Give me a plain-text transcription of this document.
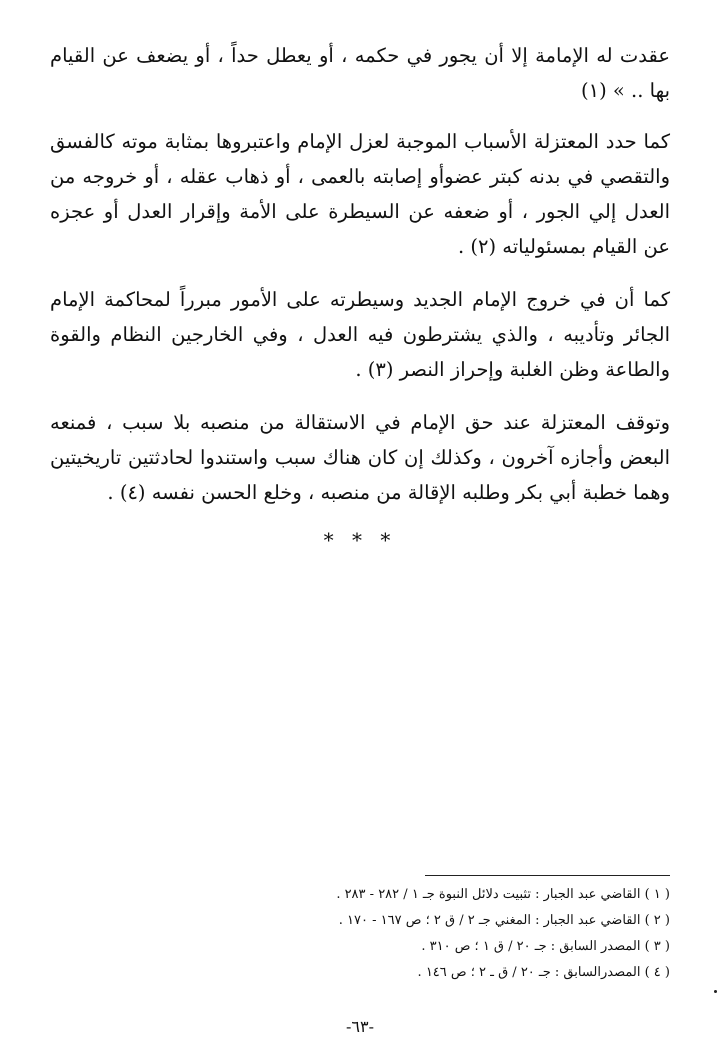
عقدت له الإمامة إلا أن يجور في حكمه ، أو يعطل حداً ، أو يضعف عن القيام بها .. » (١)

كما حدد المعتزلة الأسباب الموجبة لعزل الإمام واعتبروها بمثابة موته كالفسق والتقصي في بدنه كبتر عضوأو إصابته بالعمى ، أو ذهاب عقله ، أو خروجه من العدل إلي الجور ، أو ضعفه عن السيطرة على الأمة وإقرار العدل أو عجزه عن القيام بمسئولياته (٢) .

كما أن في خروج الإمام الجديد وسيطرته على الأمور مبرراً لمحاكمة الإمام الجائر وتأديبه ، والذي يشترطون فيه العدل ، وفي الخارجين النظام والقوة والطاعة وظن الغلبة وإحراز النصر (٣) .

وتوقف المعتزلة عند حق الإمام في الاستقالة من منصبه بلا سبب ، فمنعه البعض وأجازه آخرون ، وكذلك إن كان هناك سبب واستندوا لحادثتين تاريخيتين وهما خطبة أبي بكر وطلبه الإقالة من منصبه ، وخلع الحسن نفسه (٤) .

* * *

( ١ ) القاضي عبد الجبار : تثبيت دلائل النبوة جـ ١ / ٢٨٢ - ٢٨٣ .

( ٢ ) القاضي عبد الجبار : المغني جـ ٢ / ق ٢ ؛ ص ١٦٧ - ١٧٠ .

( ٣ ) المصدر السابق : جـ ٢٠ / ق ١ ؛ ص ٣١٠ .

( ٤ ) المصدرالسابق : جـ ٢٠ / ق ـ ٢ ؛ ص ١٤٦ .

-٦٣-
